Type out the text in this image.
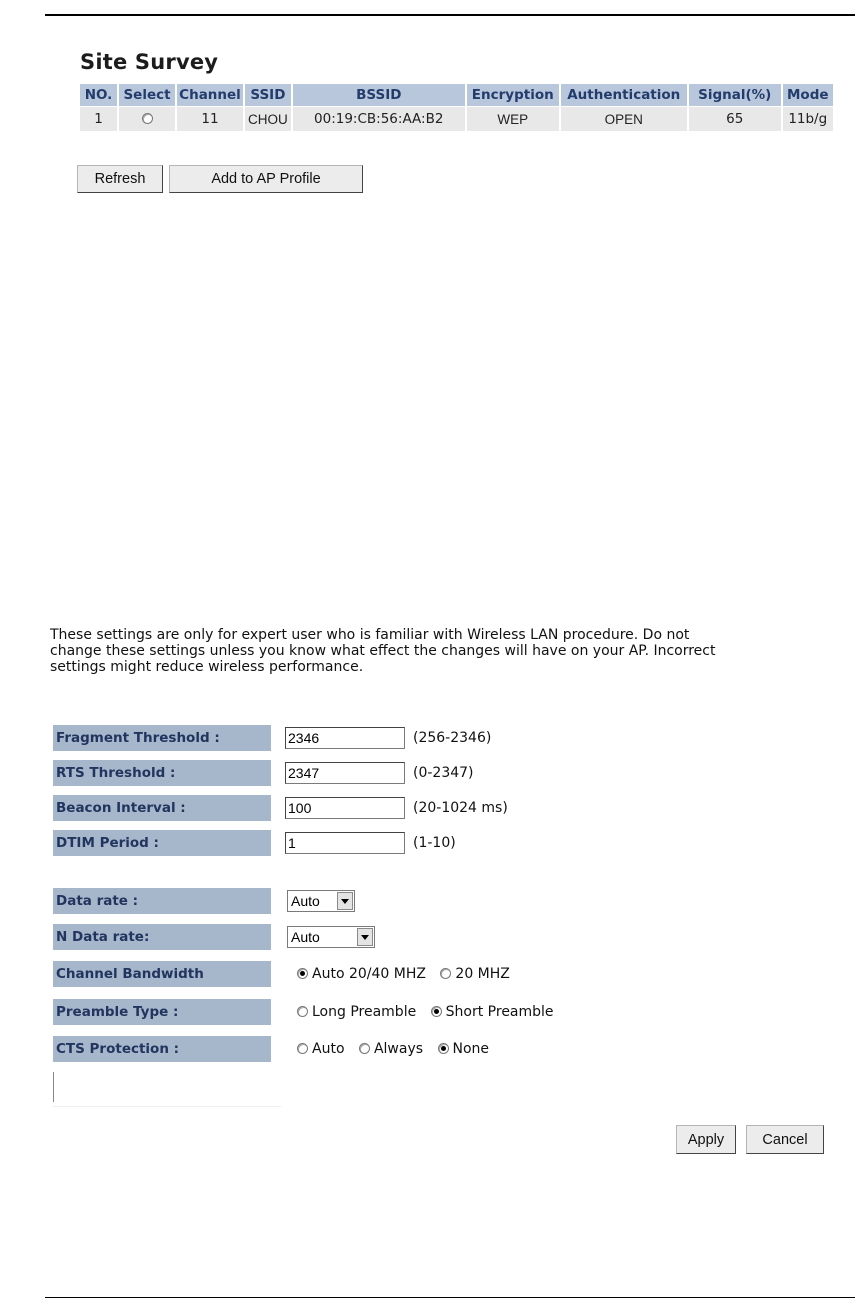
Site Survey
NO.	Select	Channel	SSID	BSSID	Encryption	Authentication	Signal(%)	Mode
1		11	CHOU	00:19:CB:56:AA:B2	WEP	OPEN	65	11b/g
Refresh	Add to AP Profile
These settings are only for expert user who is familiar with Wireless LAN procedure. Do not
change these settings unless you know what effect the changes will have on your AP. Incorrect
settings might reduce wireless performance.
Fragment Threshold :	2346	(256-2346)
RTS Threshold :	2347	(0-2347)
Beacon Interval :	100	(20-1024 ms)
DTIM Period :	1	(1-10)
Data rate :	Auto
N Data rate:	Auto
Channel Bandwidth	Auto 20/40 MHZ 20 MHZ
Preamble Type :	Long Preamble Short Preamble
CTS Protection :	Auto Always None
Apply	Cancel
